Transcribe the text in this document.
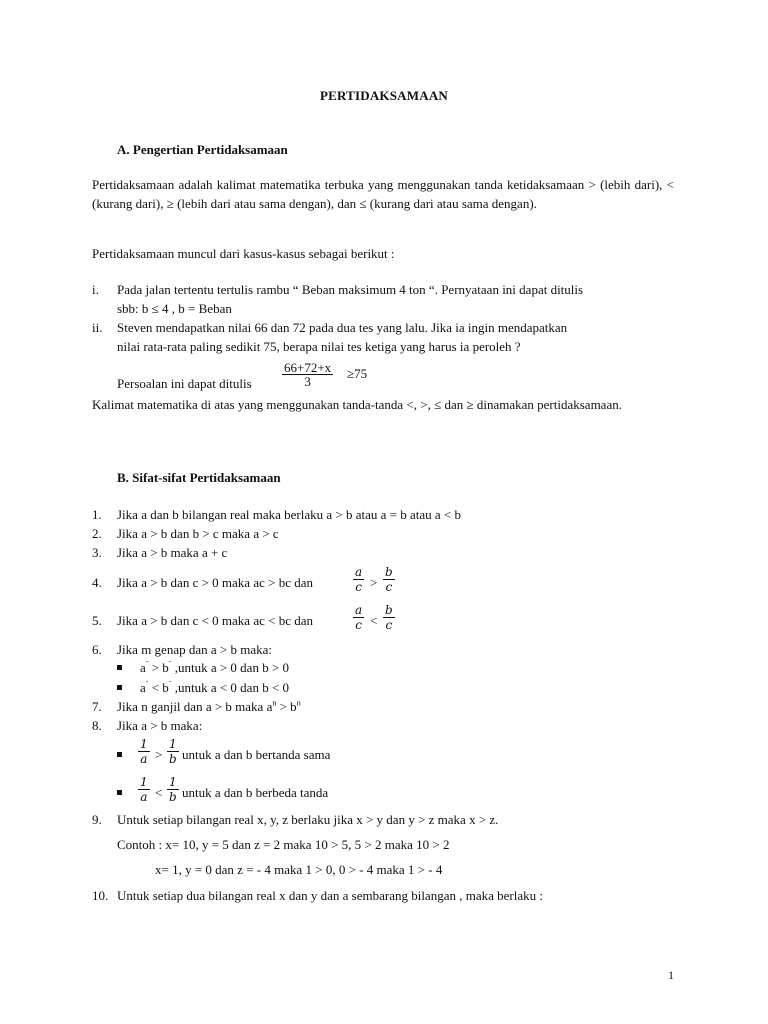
PERTIDAKSAMAAN
A. Pengertian Pertidaksamaan
Pertidaksamaan adalah kalimat matematika terbuka yang menggunakan tanda ketidaksamaan > (lebih dari), < (kurang dari), ≥ (lebih dari atau sama dengan), dan ≤ (kurang dari atau sama dengan).
Pertidaksamaan muncul dari kasus-kasus sebagai berikut :
i. Pada jalan tertentu tertulis rambu “ Beban maksimum 4 ton “. Pernyataan ini dapat ditulis
sbb: b ≤ 4 , b = Beban
ii. Steven mendapatkan nilai 66 dan 72 pada dua tes yang lalu. Jika ia ingin mendapatkan
nilai rata-rata paling sedikit 75, berapa nilai tes ketiga yang harus ia peroleh ?
Persoalan ini dapat ditulis
66+72+x
3
≥75
Kalimat matematika di atas yang menggunakan tanda-tanda <, >, ≤ dan ≥ dinamakan pertidaksamaan.
B. Sifat-sifat Pertidaksamaan
1. Jika a dan b bilangan real maka berlaku a > b atau a = b atau a < b
2. Jika a > b dan b > c maka a > c
3. Jika a > b maka a + c
4. Jika a > b dan c > 0 maka ac > bc dan
a
c >
b
c
5. Jika a > b dan c < 0 maka ac < bc dan
a
c <
b
c
6. Jika m genap dan a > b maka:
$a^ˉ > b^ˉ$ ,untuk a > 0 dan b > 0
$a^ˉ < b^ˉ$ ,untuk a < 0 dan b < 0
7. Jika n ganjil dan a > b maka $a^n > b^n$
8. Jika a > b maka:
1
a >
1
b untuk a dan b bertanda sama
1
a <
1
b untuk a dan b berbeda tanda
9. Untuk setiap bilangan real x, y, z berlaku jika x > y dan y > z maka x > z.
Contoh : x= 10, y = 5 dan z = 2 maka 10 > 5, 5 > 2 maka 10 > 2
x= 1, y = 0 dan z = - 4 maka 1 > 0, 0 > - 4 maka 1 > - 4
10. Untuk setiap dua bilangan real x dan y dan a sembarang bilangan , maka berlaku :
1
